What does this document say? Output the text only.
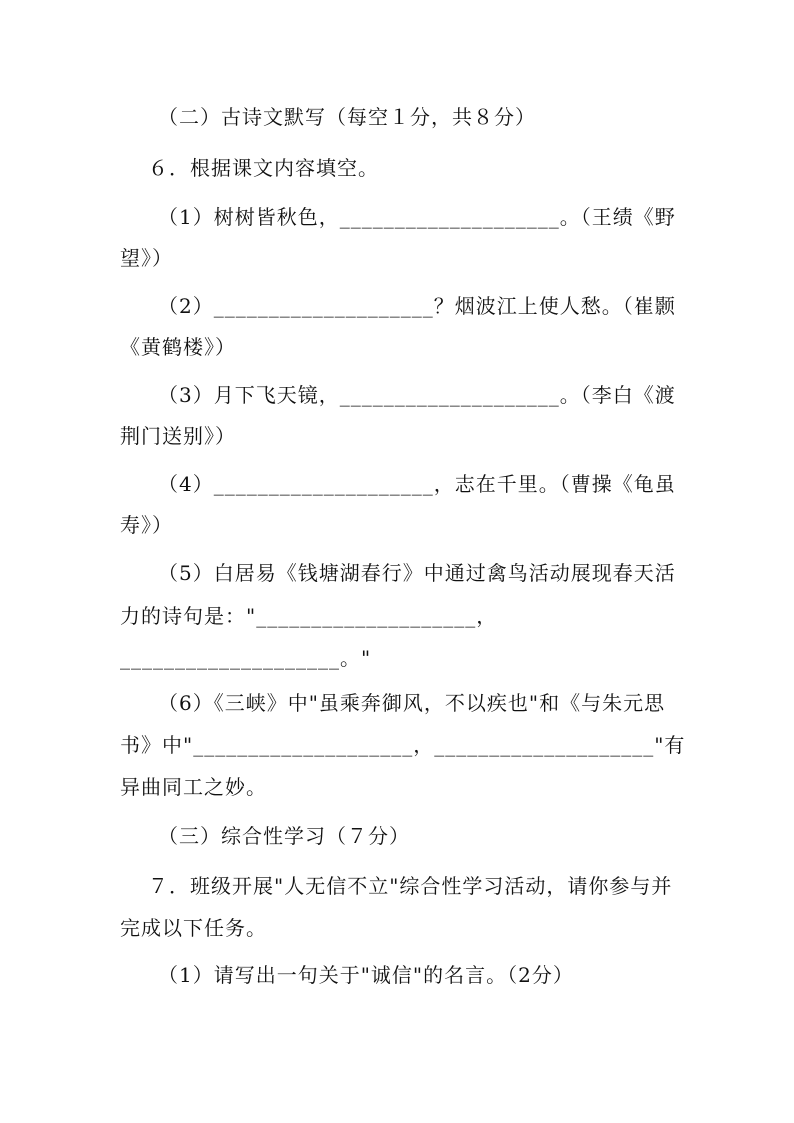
（二）古诗文默写（每空１分，共８分）
６．根据课文内容填空。
（1）树树皆秋色，____________________。（王绩《野
望》）
（2）____________________？烟波江上使人愁。（崔颢
《黄鹤楼》）
（3）月下飞天镜，____________________。（李白《渡
荆门送别》）
（4）____________________，志在千里。（曹操《龟虽
寿》）
（5）白居易《钱塘湖春行》中通过禽鸟活动展现春天活
力的诗句是："____________________，
____________________。"
（6）《三峡》中"虽乘奔御风，不以疾也"和《与朱元思
书》中"____________________，____________________"有
异曲同工之妙。
（三）综合性学习（７分）
７．班级开展"人无信不立"综合性学习活动，请你参与并
完成以下任务。
（1）请写出一句关于"诚信"的名言。（2分）
